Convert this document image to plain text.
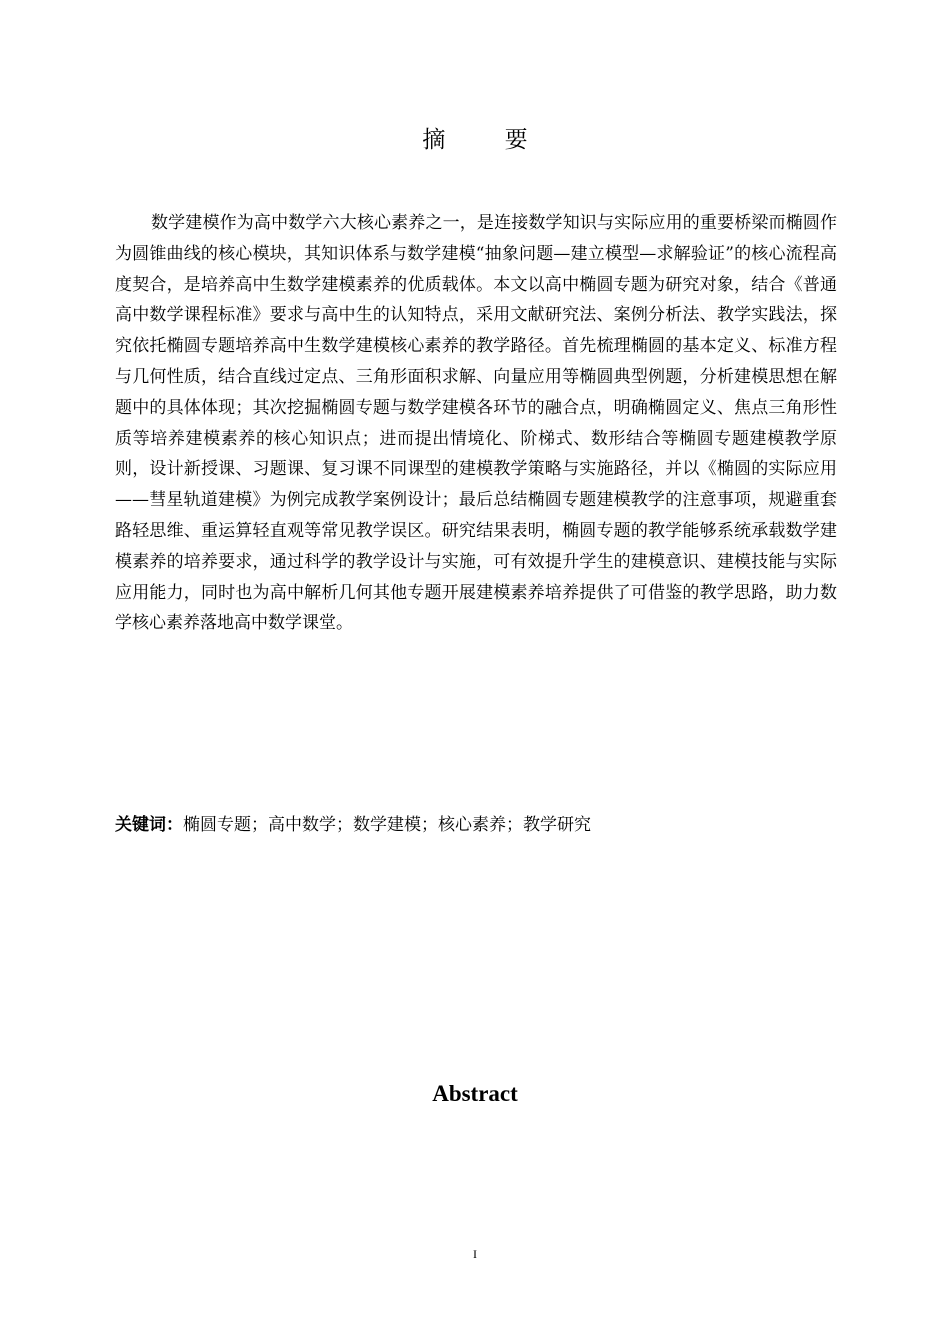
摘 要

数学建模作为高中数学六大核心素养之一，是连接数学知识与实际应用的重要桥梁而椭圆作为圆锥曲线的核心模块，其知识体系与数学建模“抽象问题—建立模型—求解验证”的核心流程高度契合，是培养高中生数学建模素养的优质载体。本文以高中椭圆专题为研究对象，结合《普通高中数学课程标准》要求与高中生的认知特点，采用文献研究法、案例分析法、教学实践法，探究依托椭圆专题培养高中生数学建模核心素养的教学路径。首先梳理椭圆的基本定义、标准方程与几何性质，结合直线过定点、三角形面积求解、向量应用等椭圆典型例题，分析建模思想在解题中的具体体现；其次挖掘椭圆专题与数学建模各环节的融合点，明确椭圆定义、焦点三角形性质等培养建模素养的核心知识点；进而提出情境化、阶梯式、数形结合等椭圆专题建模教学原则，设计新授课、习题课、复习课不同课型的建模教学策略与实施路径，并以《椭圆的实际应用——彗星轨道建模》为例完成教学案例设计；最后总结椭圆专题建模教学的注意事项，规避重套路轻思维、重运算轻直观等常见教学误区。研究结果表明，椭圆专题的教学能够系统承载数学建模素养的培养要求，通过科学的教学设计与实施，可有效提升学生的建模意识、建模技能与实际应用能力，同时也为高中解析几何其他专题开展建模素养培养提供了可借鉴的教学思路，助力数学核心素养落地高中数学课堂。

关键词：椭圆专题；高中数学；数学建模；核心素养；教学研究
Abstract
I
